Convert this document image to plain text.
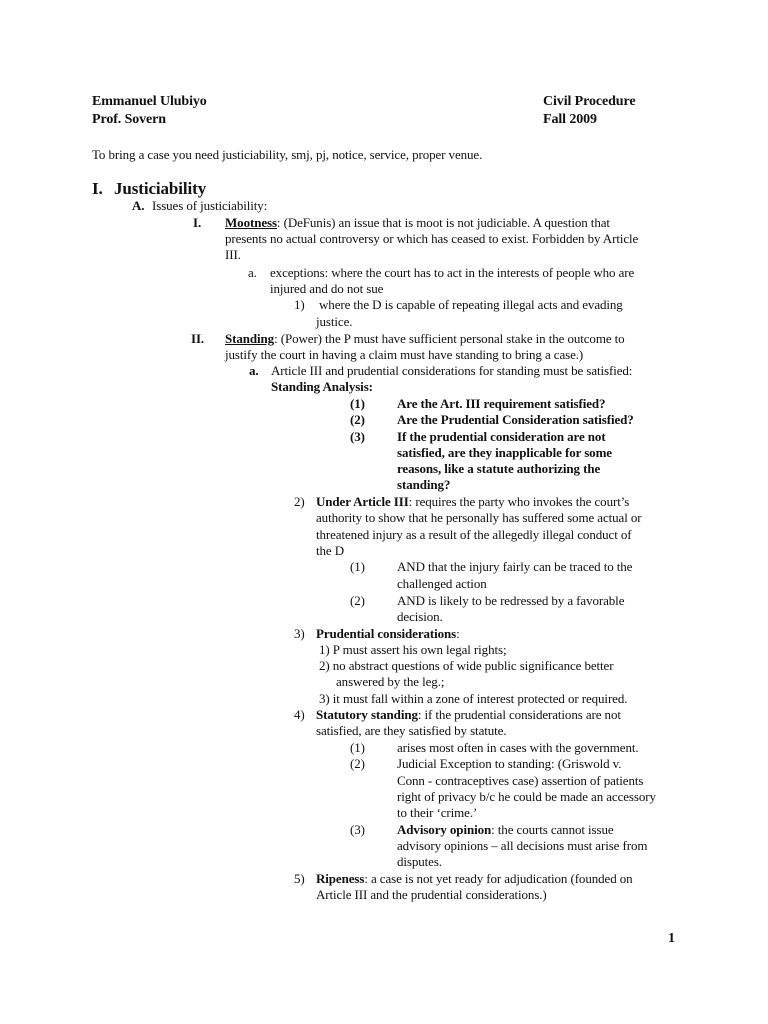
Emmanuel Ulubiyo
Prof. Sovern
Civil Procedure
Fall 2009
To bring a case you need justiciability, smj, pj, notice, service, proper venue.
I. Justiciability
A. Issues of justiciability:
I. Mootness: (DeFunis) an issue that is moot is not judiciable. A question that
presents no actual controversy or which has ceased to exist. Forbidden by Article
III.
a. exceptions: where the court has to act in the interests of people who are
injured and do not sue
1) where the D is capable of repeating illegal acts and evading
justice.
II. Standing: (Power) the P must have sufficient personal stake in the outcome to
justify the court in having a claim must have standing to bring a case.)
a. Article III and prudential considerations for standing must be satisfied:
Standing Analysis:
(1) Are the Art. III requirement satisfied?
(2) Are the Prudential Consideration satisfied?
(3) If the prudential consideration are not
satisfied, are they inapplicable for some
reasons, like a statute authorizing the
standing?
2) Under Article III: requires the party who invokes the court’s
authority to show that he personally has suffered some actual or
threatened injury as a result of the allegedly illegal conduct of
the D
(1) AND that the injury fairly can be traced to the
challenged action
(2) AND is likely to be redressed by a favorable
decision.
3) Prudential considerations:
1) P must assert his own legal rights;
2) no abstract questions of wide public significance better
answered by the leg.;
3) it must fall within a zone of interest protected or required.
4) Statutory standing: if the prudential considerations are not
satisfied, are they satisfied by statute.
(1) arises most often in cases with the government.
(2) Judicial Exception to standing: (Griswold v.
Conn - contraceptives case) assertion of patients
right of privacy b/c he could be made an accessory
to their ‘crime.’
(3) Advisory opinion: the courts cannot issue
advisory opinions – all decisions must arise from
disputes.
5) Ripeness: a case is not yet ready for adjudication (founded on
Article III and the prudential considerations.)
1
